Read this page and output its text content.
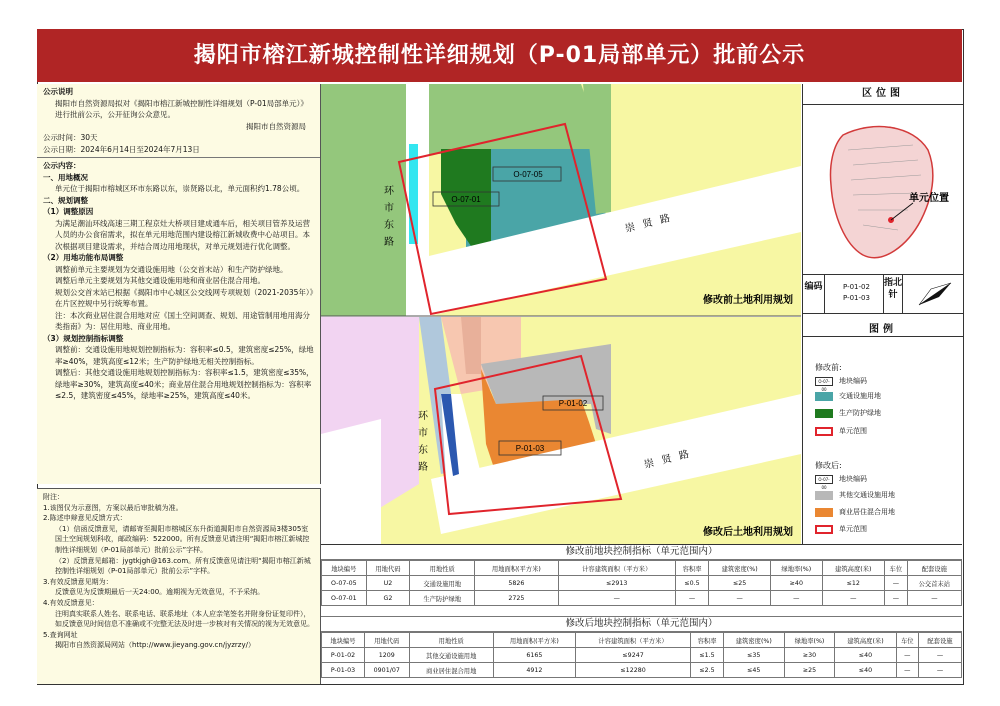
揭阳市榕江新城控制性详细规划（P-01局部单元）批前公示

公示说明

揭阳市自然资源局拟对《揭阳市榕江新城控制性详细规划（P-01局部单元）》进行批前公示，公开征询公众意见。

揭阳市自然资源局

公示时间：30天

公示日期：2024年6月14日至2024年7月13日

公示内容：

一、用地概况

单元位于揭阳市榕城区环市东路以东，崇贤路以北，单元面积约1.78公顷。

二、规划调整

（1）调整原因

为满足潮汕环线高速三期工程京灶大桥项目建成通车后，相关项目管养及运营人员的办公食宿需求，拟在单元用地范围内建设榕江新城收费中心站项目。本次根据项目建设需求，并结合周边用地现状，对单元规划进行优化调整。

（2）用地功能布局调整

调整前单元主要规划为交通设施用地（公交首末站）和生产防护绿地。

调整后单元主要规划为其他交通设施用地和商业居住混合用地。

规划公交首末站已根据《揭阳市中心城区公交线网专项规划（2021-2035年）》在片区控规中另行统筹布置。

注：本次商业居住混合用地对应《国土空间调查、规划、用途管制用地用海分类指南》为：居住用地、商业用地。

（3）规划控制指标调整

调整前：交通设施用地规划控制指标为：容积率≤0.5，建筑密度≤25%，绿地率≥40%，建筑高度≤12米；生产防护绿地无相关控制指标。

调整后：其他交通设施用地规划控制指标为：容积率≤1.5，建筑密度≤35%，绿地率≥30%，建筑高度≤40米；商业居住混合用地规划控制指标为：容积率≤2.5，建筑密度≤45%，绿地率≥25%，建筑高度≤40米。

附注：

1.该图仅为示意图，方案以最后审批稿为准。

2.陈述申辩意见反馈方式：

（1）信函反馈意见，请邮寄至揭阳市榕城区东升街道揭阳市自然资源局3楼305室国土空间规划科收，邮政编码：522000。所有反馈意见请注明“揭阳市榕江新城控制性详细规划（P-01局部单元）批前公示”字样。

（2）反馈意见邮箱：jygtkjgh@163.com。所有反馈意见请注明“揭阳市榕江新城控制性详细规划（P-01局部单元）批前公示”字样。

3.有效反馈意见期为：

反馈意见为反馈期最后一天24:00。逾期视为无效意见，不予采纳。

4.有效反馈意见：

注明真实联系人姓名、联系电话、联系地址（本人应亲笔签名并附身份证复印件），如反馈意见时间信息不准确或不完整无法及时进一步核对有关情况的视为无效意见。

5.查询网址

揭阳市自然资源局网站（http://www.jieyang.gov.cn/jyzrzy/）

O-07-05
O-07-01
环
市
东
路
崇贤路
修改前土地利用规划
P-01-02
P-01-03
环
市
东
路	崇贤路
修改后土地利用规划
区位图
单元位置
编码	P-01-02
P-01-03
指北针
图例
修改前:
O-07-00
地块编码
交通设施用地
生产防护绿地
单元范围
修改后:
O-07-00
地块编码
其他交通设施用地
商业居住混合用地
单元范围
修改前地块控制指标（单元范围内）
地块编号	用地代码	用地性质	用地面积(平方米)	计容建筑面积（平方米）	容积率	建筑密度(%)	绿地率(%)	建筑高度(米)	车位	配套设施
O-07-05	U2	交通设施用地	5826	≤2913	≤0.5	≤25	≥40	≤12	—	公交首末站
O-07-01	G2	生产防护绿地	2725	—	—	—	—	—	—	—
修改后地块控制指标（单元范围内）
地块编号	用地代码	用地性质	用地面积(平方米)	计容建筑面积（平方米）	容积率	建筑密度(%)	绿地率(%)	建筑高度(米)	车位	配套设施
P-01-02	1209	其他交通设施用地	6165	≤9247	≤1.5	≤35	≥30	≤40	—	—
P-01-03	0901/07	商业居住混合用地	4912	≤12280	≤2.5	≤45	≥25	≤40	—	—
